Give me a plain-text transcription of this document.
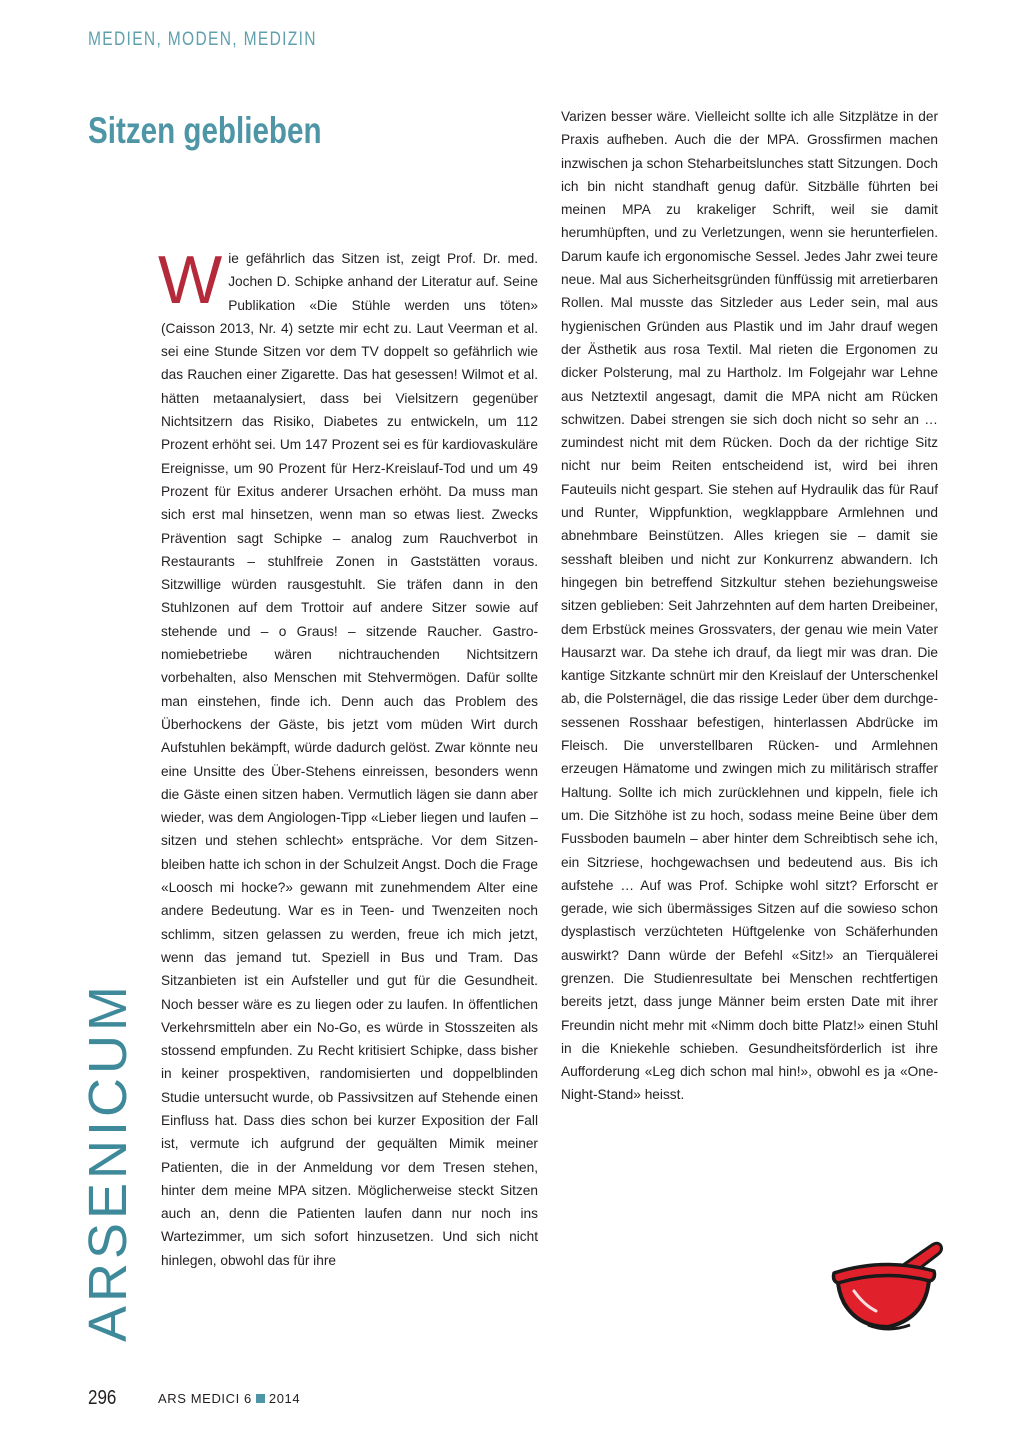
MEDIEN, MODEN, MEDIZIN
Sitzen geblieben

Wie gefährlich das Sitzen ist, zeigt Prof. Dr. med. Jochen D. Schipke anhand der Literatur auf. Seine Publikation «Die Stühle werden uns töten» (Caisson 2013, Nr. 4) setzte mir echt zu. Laut Veerman et al. sei eine Stunde Sitzen vor dem TV doppelt so gefährlich wie das Rauchen einer Zigarette. Das hat gesessen! Wilmot et al. hätten metaanalysiert, dass bei Vielsitzern gegenüber Nichtsitzern das Risiko, Diabetes zu entwickeln, um 112 Prozent erhöht sei. Um 147 Prozent sei es für kardiovaskuläre Ereignisse, um 90 Prozent für Herz-Kreislauf-Tod und um 49 Prozent für Exitus anderer Ursachen erhöht. Da muss man sich erst mal hinsetzen, wenn man so etwas liest. Zwecks Prävention sagt Schipke – analog zum Rauchverbot in Restaurants – stuhlfreie Zonen in Gaststätten voraus. Sitzwillige würden rausgestuhlt. Sie träfen dann in den Stuhlzonen auf dem Trottoir auf andere Sitzer sowie auf stehende und – o Graus! – sitzende Raucher. Gastronomiebetriebe wären nichtrauchenden Nichtsitzern vorbehalten, also Menschen mit Stehvermögen. Dafür sollte man einstehen, finde ich. Denn auch das Problem des Überhockens der Gäste, bis jetzt vom müden Wirt durch Aufstuhlen bekämpft, würde dadurch gelöst. Zwar könnte neu eine Unsitte des Über-Stehens einreissen, besonders wenn die Gäste einen sitzen haben. Vermutlich lägen sie dann aber wieder, was dem Angiologen-Tipp «Lieber liegen und laufen – sitzen und stehen schlecht» entspräche. Vor dem Sitzenbleiben hatte ich schon in der Schulzeit Angst. Doch die Frage «Loosch mi hocke?» gewann mit zunehmendem Alter eine andere Bedeutung. War es in Teen- und Twenzeiten noch schlimm, sitzen gelassen zu werden, freue ich mich jetzt, wenn das jemand tut. Speziell in Bus und Tram. Das Sitzanbieten ist ein Aufsteller und gut für die Gesundheit. Noch besser wäre es zu liegen oder zu laufen. In öffentlichen Verkehrsmitteln aber ein No-Go, es würde in Stosszeiten als stossend empfunden. Zu Recht kritisiert Schipke, dass bisher in keiner prospektiven, randomisierten und doppelblinden Studie untersucht wurde, ob Passivsitzen auf Stehende einen Einfluss hat. Dass dies schon bei kurzer Exposition der Fall ist, vermute ich aufgrund der gequälten Mimik meiner Patienten, die in der Anmeldung vor dem Tresen stehen, hinter dem meine MPA sitzen. Möglicherweise steckt Sitzen auch an, denn die Patienten laufen dann nur noch ins Wartezimmer, um sich sofort hinzusetzen. Und sich nicht hinlegen, obwohl das für ihre

Varizen besser wäre. Vielleicht sollte ich alle Sitzplätze in der Praxis aufheben. Auch die der MPA. Grossfirmen machen inzwischen ja schon Steharbeitslunches statt Sitzungen. Doch ich bin nicht standhaft genug dafür. Sitzbälle führten bei meinen MPA zu krakeliger Schrift, weil sie damit herumhüpften, und zu Verletzungen, wenn sie herunterfielen. Darum kaufe ich ergonomische Sessel. Jedes Jahr zwei teure neue. Mal aus Sicherheitsgründen fünffüssig mit arretierbaren Rollen. Mal musste das Sitzleder aus Leder sein, mal aus hygienischen Gründen aus Plastik und im Jahr drauf wegen der Ästhetik aus rosa Textil. Mal rieten die Ergonomen zu dicker Polsterung, mal zu Hartholz. Im Folgejahr war Lehne aus Netztextil angesagt, damit die MPA nicht am Rücken schwitzen. Dabei strengen sie sich doch nicht so sehr an … zumindest nicht mit dem Rücken. Doch da der richtige Sitz nicht nur beim Reiten entscheidend ist, wird bei ihren Fauteuils nicht gespart. Sie stehen auf Hydraulik das für Rauf und Runter, Wippfunktion, wegklappbare Armlehnen und abnehmbare Beinstützen. Alles kriegen sie – damit sie sesshaft bleiben und nicht zur Konkurrenz abwandern. Ich hingegen bin betreffend Sitzkultur stehen beziehungsweise sitzen geblieben: Seit Jahrzehnten auf dem harten Dreibeiner, dem Erbstück meines Grossvaters, der genau wie mein Vater Hausarzt war. Da stehe ich drauf, da liegt mir was dran. Die kantige Sitzkante schnürt mir den Kreislauf der Unterschenkel ab, die Polsternägel, die das rissige Leder über dem durchgesessenen Rosshaar befestigen, hinterlassen Abdrücke im Fleisch. Die unverstellbaren Rücken- und Armlehnen erzeugen Hämatome und zwingen mich zu militärisch straffer Haltung. Sollte ich mich zurücklehnen und kippeln, fiele ich um. Die Sitzhöhe ist zu hoch, sodass meine Beine über dem Fussboden baumeln – aber hinter dem Schreibtisch sehe ich, ein Sitzriese, hochgewachsen und bedeutend aus. Bis ich aufstehe … Auf was Prof. Schipke wohl sitzt? Erforscht er gerade, wie sich übermässiges Sitzen auf die sowieso schon dysplastisch verzüchteten Hüftgelenke von Schäferhunden auswirkt? Dann würde der Befehl «Sitz!» an Tierquälerei grenzen. Die Studienresultate bei Menschen rechtfertigen bereits jetzt, dass junge Männer beim ersten Date mit ihrer Freundin nicht mehr mit «Nimm doch bitte Platz!» einen Stuhl in die Kniekehle schieben. Gesundheitsförderlich ist ihre Aufforderung «Leg dich schon mal hin!», obwohl es ja «One-Night-Stand» heisst.

ARSENICUM
296	ARS MEDICI 6 2014
